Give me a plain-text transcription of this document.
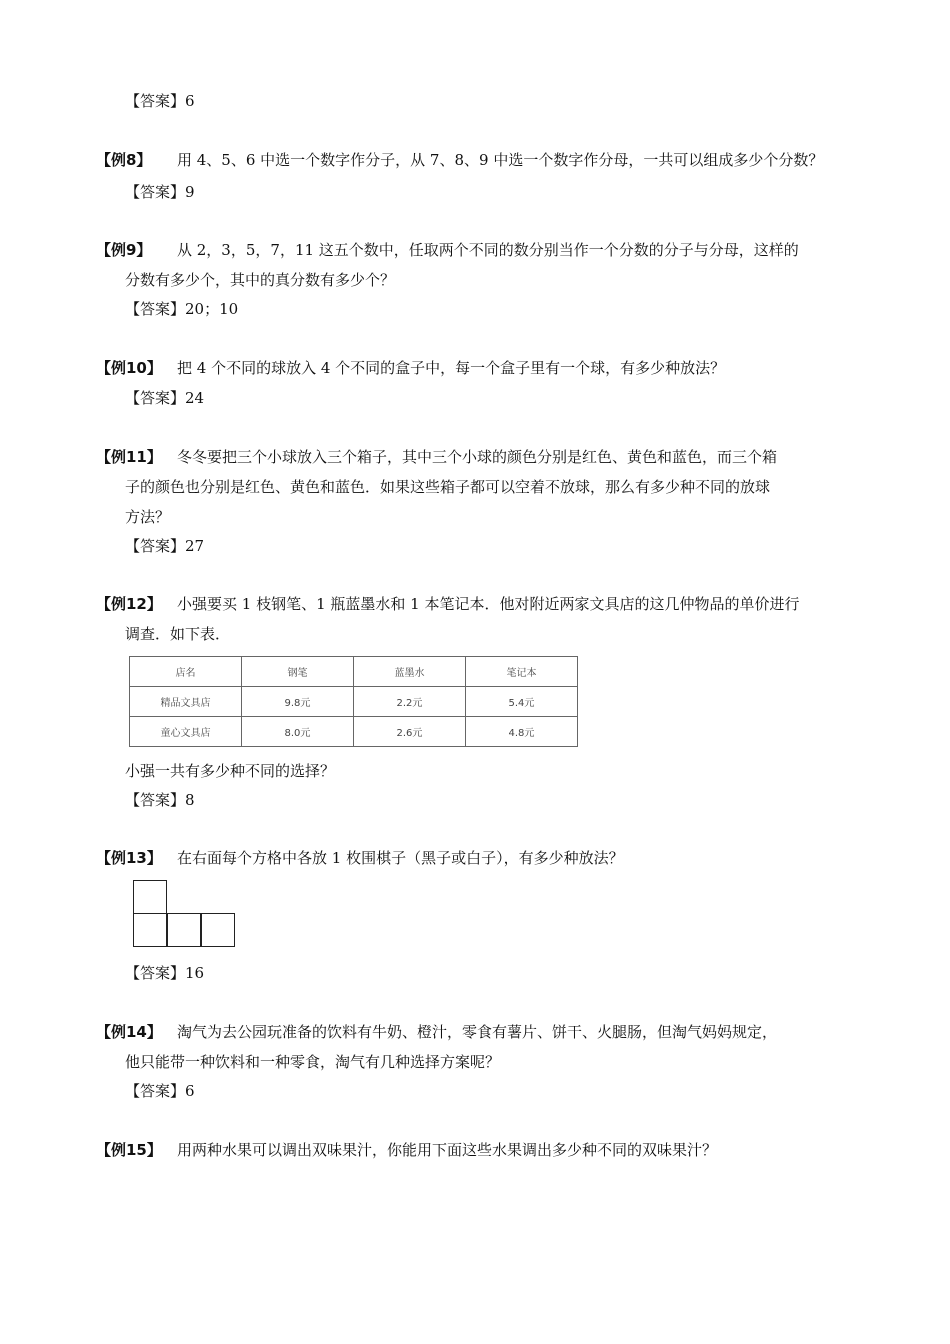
【答案】6
【例8】 用 4、5、6 中选一个数字作分子，从 7、8、9 中选一个数字作分母，一共可以组成多少个分数？
【答案】9
【例9】 从 2，3，5，7，11 这五个数中，任取两个不同的数分别当作一个分数的分子与分母，这样的
分数有多少个，其中的真分数有多少个？
【答案】20；10
【例10】 把 4 个不同的球放入 4 个不同的盒子中，每一个盒子里有一个球，有多少种放法？
【答案】24
【例11】 冬冬要把三个小球放入三个箱子，其中三个小球的颜色分别是红色、黄色和蓝色，而三个箱
子的颜色也分别是红色、黄色和蓝色．如果这些箱子都可以空着不放球，那么有多少种不同的放球
方法？
【答案】27
【例12】 小强要买 1 枝钢笔、1 瓶蓝墨水和 1 本笔记本．他对附近两家文具店的这几仲物品的单价进行
调查．如下表．
店名	钢笔	蓝墨水	笔记本
精品文具店	9.8元	2.2元	5.4元
童心文具店	8.0元	2.6元	4.8元
小强一共有多少种不同的选择？
【答案】8
【例13】 在右面每个方格中各放 1 枚围棋子（黑子或白子），有多少种放法？
【答案】16
【例14】 淘气为去公园玩准备的饮料有牛奶、橙汁，零食有薯片、饼干、火腿肠，但淘气妈妈规定，
他只能带一种饮料和一种零食，淘气有几种选择方案呢？
【答案】6
【例15】 用两种水果可以调出双味果汁，你能用下面这些水果调出多少种不同的双味果汁？
